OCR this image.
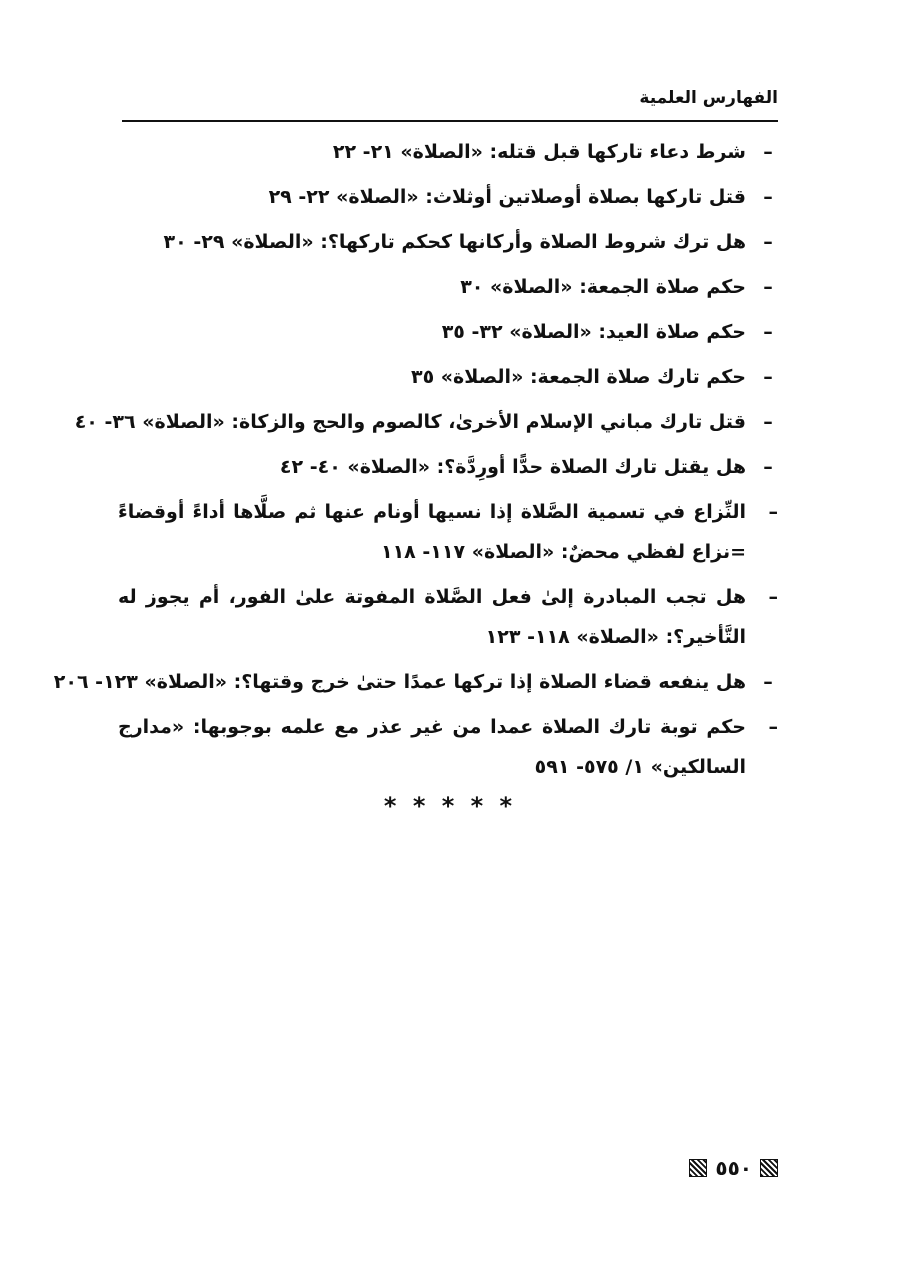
الفهارس العلمية
–
شرط دعاء تاركها قبل قتله: «الصلاة» ٢١- ٢٢
–
قتل تاركها بصلاة أوصلاتين أوثلاث: «الصلاة» ٢٢- ٢٩
–
هل ترك شروط الصلاة وأركانها كحكم تاركها؟: «الصلاة» ٢٩- ٣٠
–
حكم صلاة الجمعة: «الصلاة» ٣٠
–
حكم صلاة العيد: «الصلاة» ٣٢- ٣٥
–
حكم تارك صلاة الجمعة: «الصلاة» ٣٥
–
قتل تارك مباني الإسلام الأخرىٰ، كالصوم والحج والزكاة: «الصلاة» ٣٦- ٤٠
–
هل يقتل تارك الصلاة حدًّا أورِدَّة؟: «الصلاة» ٤٠- ٤٢
–
النِّزاع في تسمية الصَّلاة إذا نسيها أونام عنها ثم صلَّاها أداءً أوقضاءً =نزاع لفظي محضٌ: «الصلاة» ١١٧- ١١٨
–
هل تجب المبادرة إلىٰ فعل الصَّلاة المفوتة علىٰ الفور، أم يجوز له التَّأخير؟: «الصلاة» ١١٨- ١٢٣
–
هل ينفعه قضاء الصلاة إذا تركها عمدًا حتىٰ خرج وقتها؟: «الصلاة» ١٢٣- ٢٠٦
–
حكم توبة تارك الصلاة عمدا من غير عذر مع علمه بوجوبها: «مدارج السالكين» ١/ ٥٧٥- ٥٩١
* * * * *
٥٥٠
